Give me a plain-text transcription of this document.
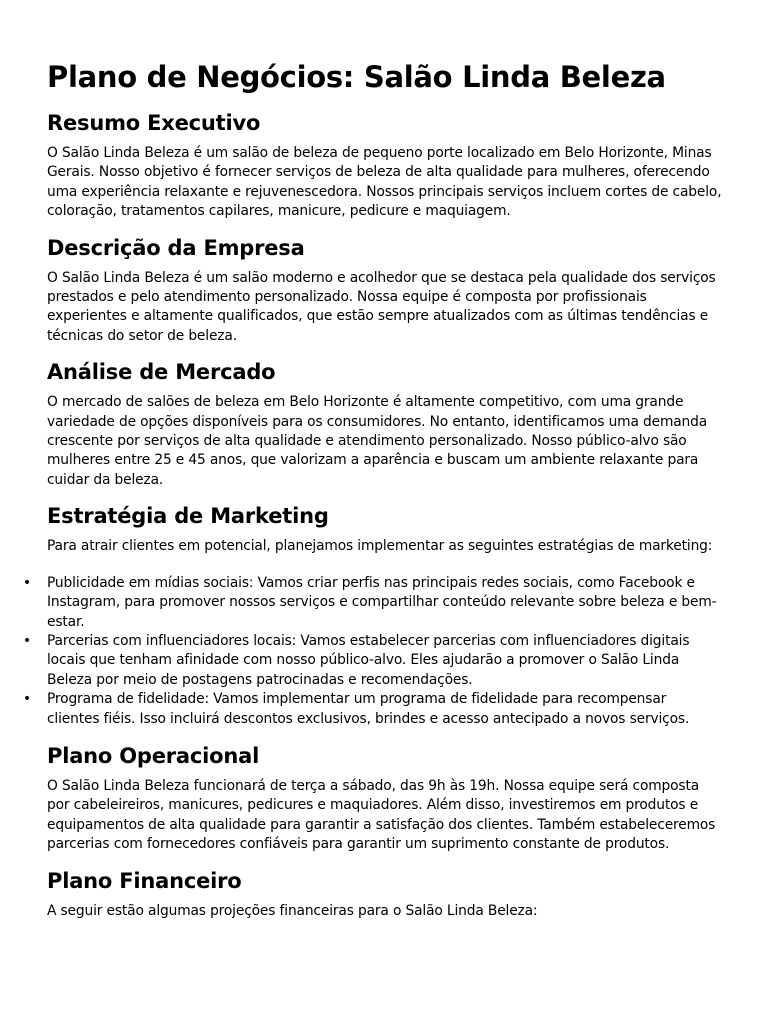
Plano de Negócios: Salão Linda Beleza
Resumo Executivo

O Salão Linda Beleza é um salão de beleza de pequeno porte localizado em Belo Horizonte, Minas Gerais. Nosso objetivo é fornecer serviços de beleza de alta qualidade para mulheres, oferecendo uma experiência relaxante e rejuvenescedora. Nossos principais serviços incluem cortes de cabelo, coloração, tratamentos capilares, manicure, pedicure e maquiagem.

Descrição da Empresa

O Salão Linda Beleza é um salão moderno e acolhedor que se destaca pela qualidade dos serviços prestados e pelo atendimento personalizado. Nossa equipe é composta por profissionais experientes e altamente qualificados, que estão sempre atualizados com as últimas tendências e técnicas do setor de beleza.

Análise de Mercado

O mercado de salões de beleza em Belo Horizonte é altamente competitivo, com uma grande variedade de opções disponíveis para os consumidores. No entanto, identificamos uma demanda crescente por serviços de alta qualidade e atendimento personalizado. Nosso público-alvo são mulheres entre 25 e 45 anos, que valorizam a aparência e buscam um ambiente relaxante para cuidar da beleza.

Estratégia de Marketing

Para atrair clientes em potencial, planejamos implementar as seguintes estratégias de marketing:

• Publicidade em mídias sociais: Vamos criar perfis nas principais redes sociais, como Facebook e Instagram, para promover nossos serviços e compartilhar conteúdo relevante sobre beleza e bem-estar.
• Parcerias com influenciadores locais: Vamos estabelecer parcerias com influenciadores digitais locais que tenham afinidade com nosso público-alvo. Eles ajudarão a promover o Salão Linda Beleza por meio de postagens patrocinadas e recomendações.
• Programa de fidelidade: Vamos implementar um programa de fidelidade para recompensar clientes fiéis. Isso incluirá descontos exclusivos, brindes e acesso antecipado a novos serviços.
Plano Operacional

O Salão Linda Beleza funcionará de terça a sábado, das 9h às 19h. Nossa equipe será composta por cabeleireiros, manicures, pedicures e maquiadores. Além disso, investiremos em produtos e equipamentos de alta qualidade para garantir a satisfação dos clientes. Também estabeleceremos parcerias com fornecedores confiáveis para garantir um suprimento constante de produtos.

Plano Financeiro

A seguir estão algumas projeções financeiras para o Salão Linda Beleza:
